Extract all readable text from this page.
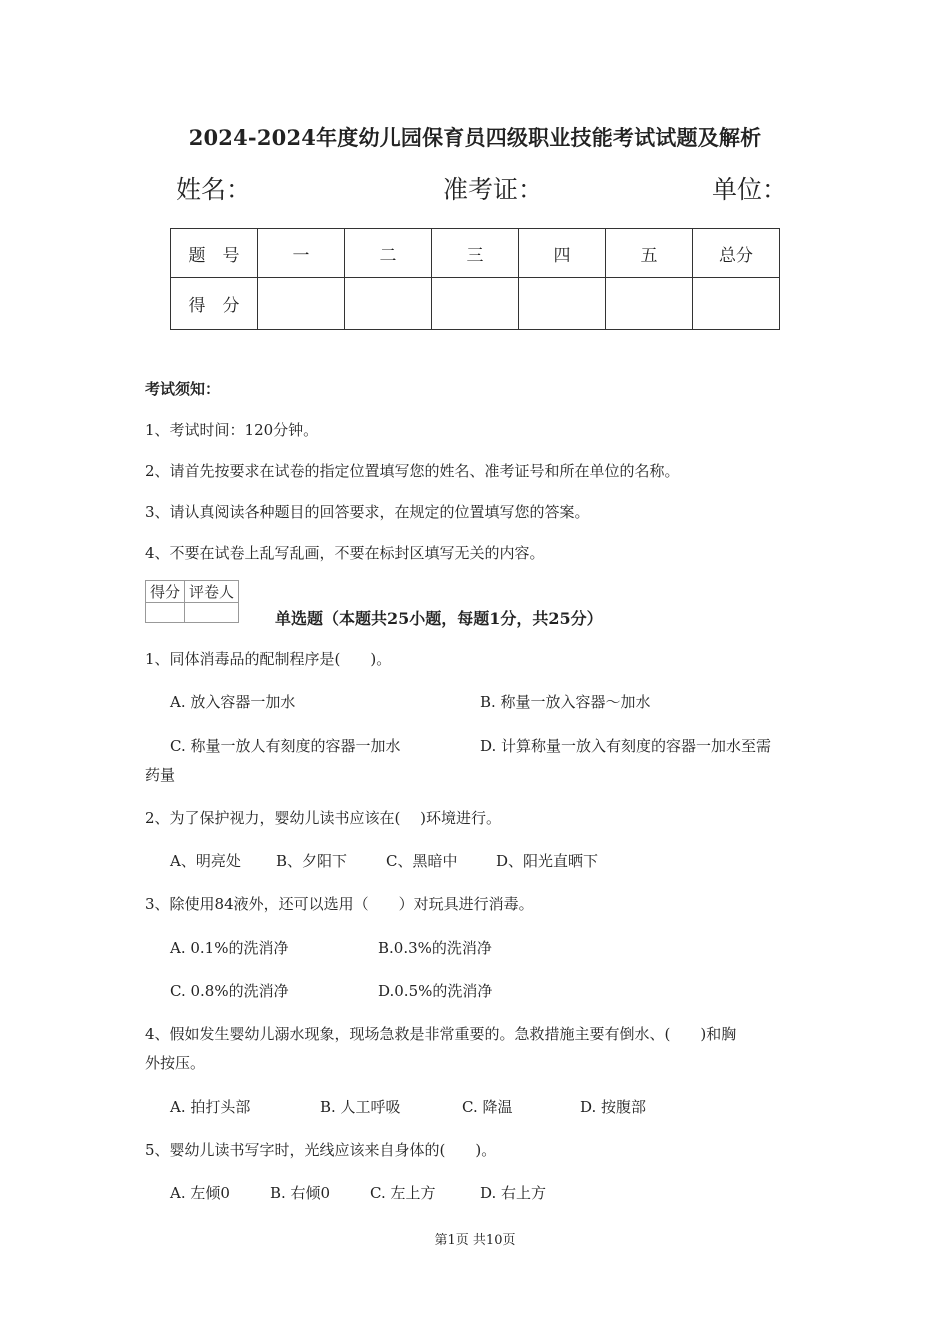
2024-2024年度幼儿园保育员四级职业技能考试试题及解析
姓名：	准考证：	单位：
题　号	一	二	三	四	五	总分
得　分						
考试须知：
1、考试时间：120分钟。
2、请首先按要求在试卷的指定位置填写您的姓名、准考证号和所在单位的名称。
3、请认真阅读各种题目的回答要求，在规定的位置填写您的答案。
4、不要在试卷上乱写乱画，不要在标封区填写无关的内容。
得分	评卷人

单选题（本题共25小题，每题1分，共25分）
1、同体消毒品的配制程序是(　　)。
A. 放入容器一加水	B. 称量一放入容器～加水
C. 称量一放人有刻度的容器一加水	D. 计算称量一放入有刻度的容器一加水至需
药量
2、为了保护视力，婴幼儿读书应该在(　 )环境进行。
A、明亮处 B、夕阳下	C、黑暗中	D、阳光直晒下
3、除使用84液外，还可以选用（　　）对玩具进行消毒。
A. 0.1%的洗消净	B.0.3%的洗消净
C. 0.8%的洗消净	D.0.5%的洗消净
4、假如发生婴幼儿溺水现象，现场急救是非常重要的。急救措施主要有倒水、(　　)和胸
外按压。
A. 拍打头部	B. 人工呼吸	C. 降温	D. 按腹部
5、婴幼儿读书写字时，光线应该来自身体的(　　)。
A. 左倾0	B. 右倾0	C. 左上方	D. 右上方
第1页 共10页
